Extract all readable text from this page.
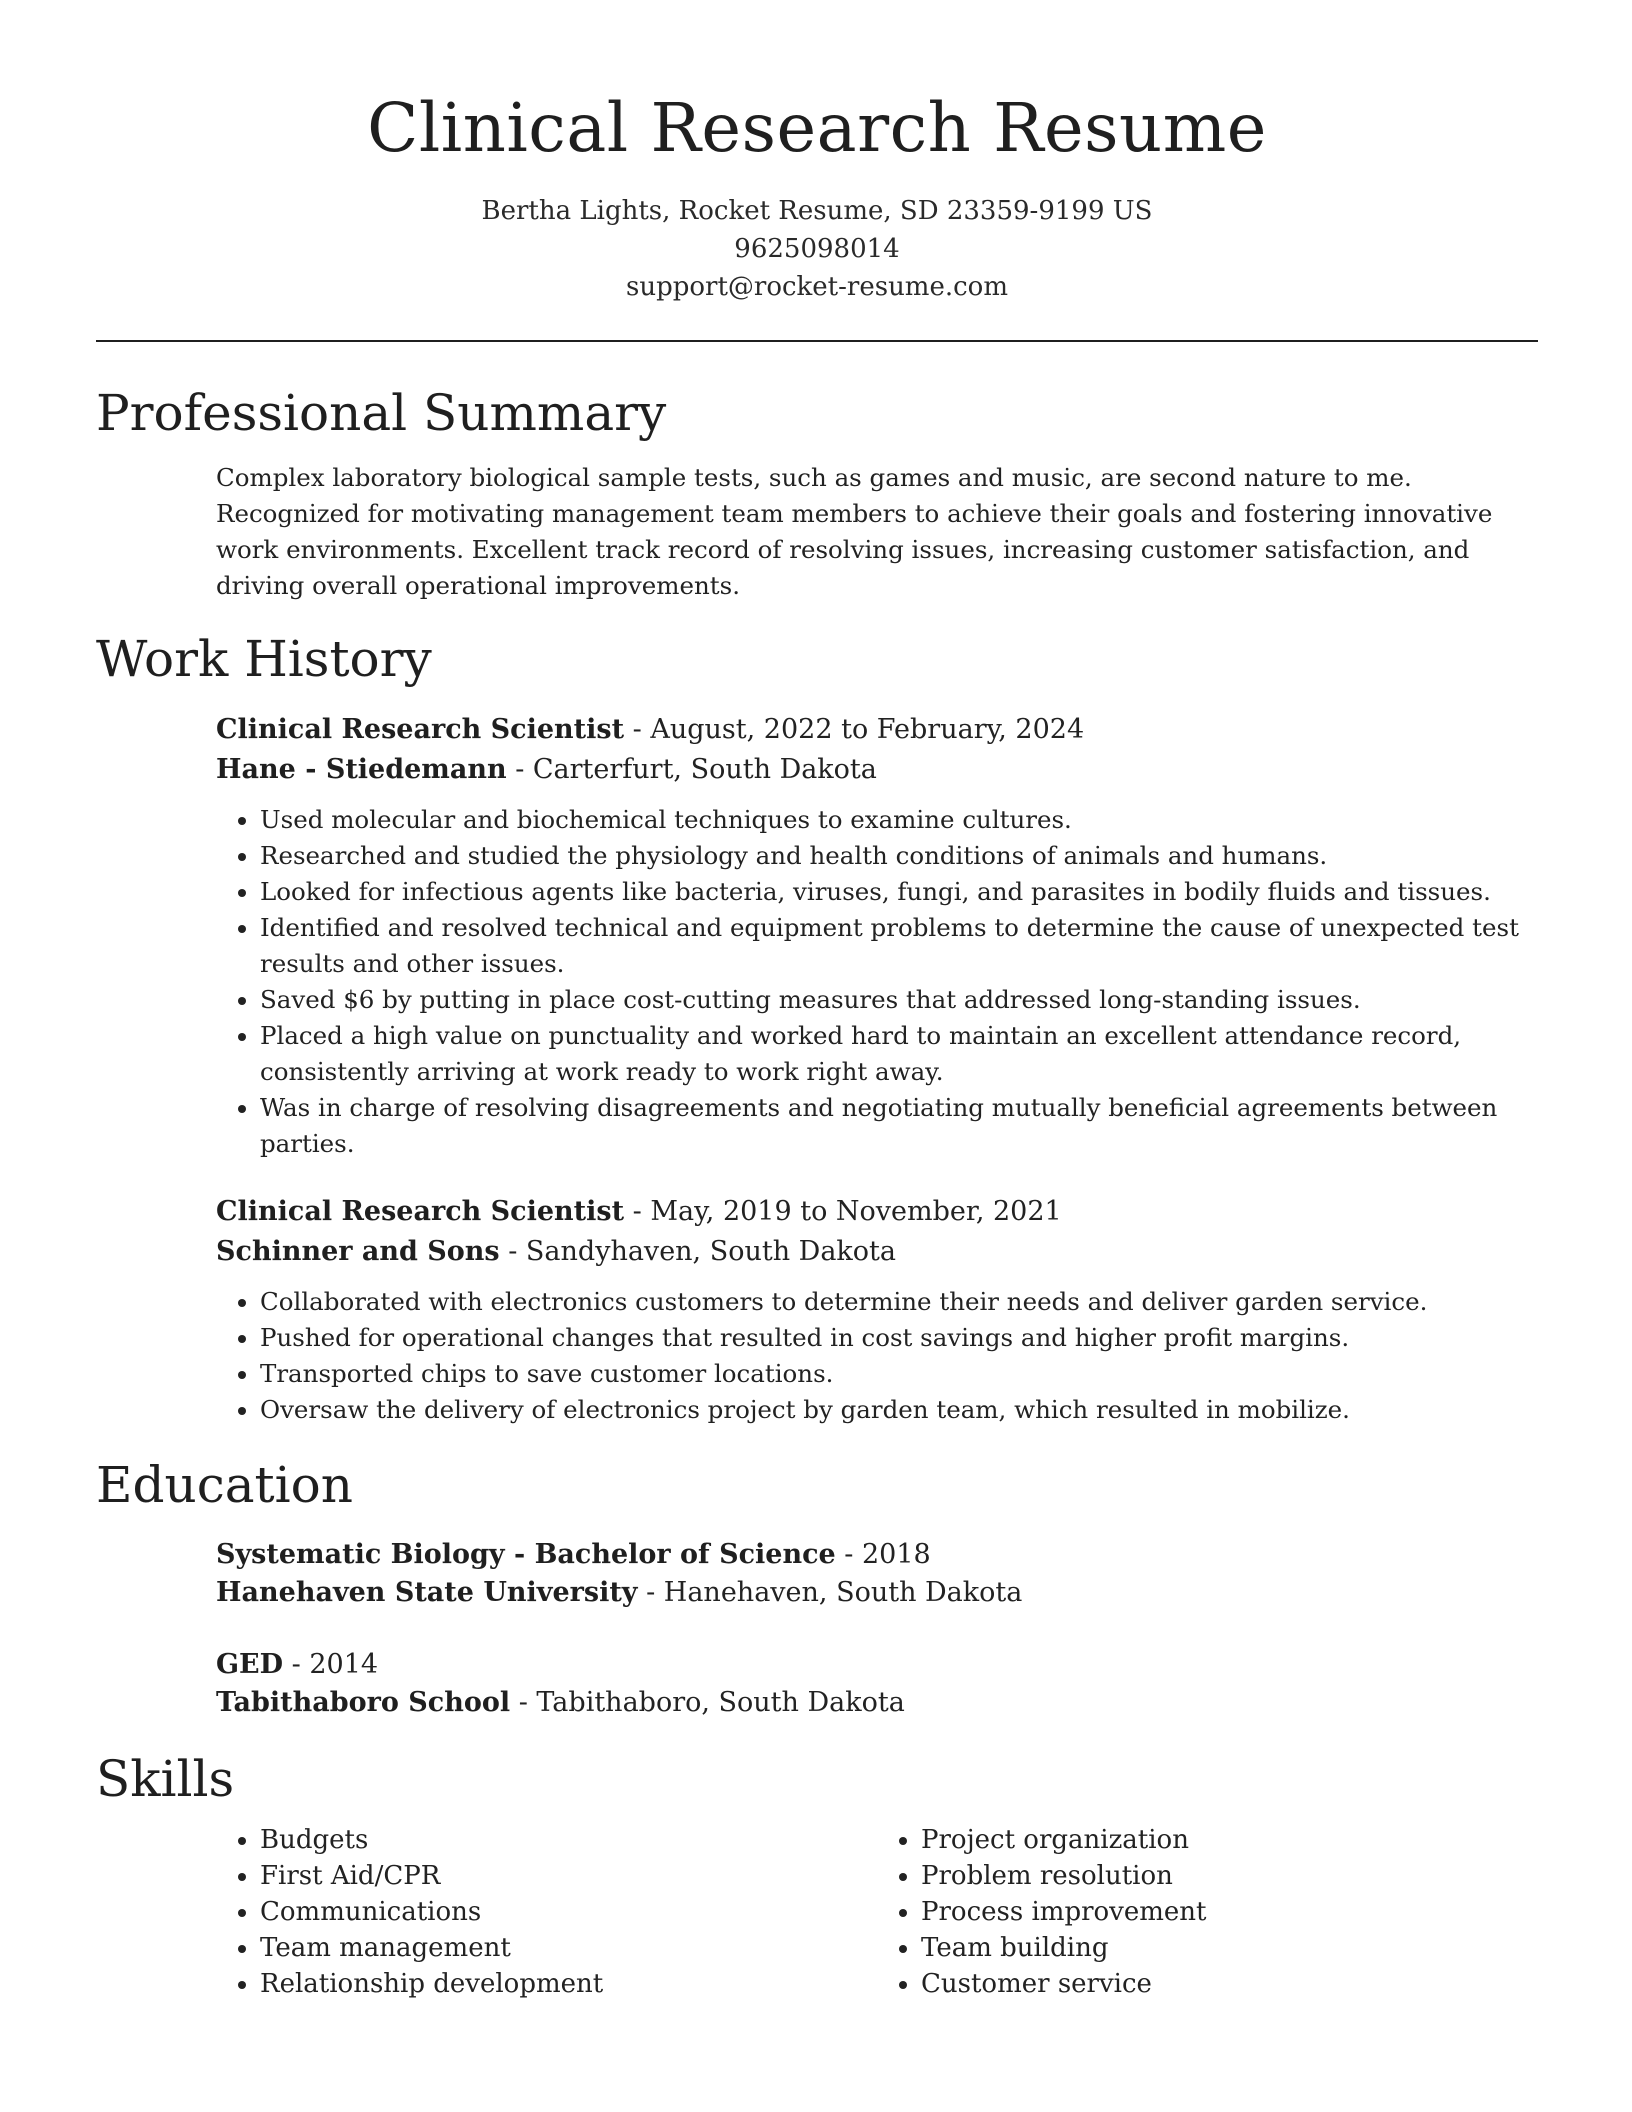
Clinical Research Resume
Bertha Lights, Rocket Resume, SD 23359-9199 US
9625098014
support@rocket-resume.com
Professional Summary

Complex laboratory biological sample tests, such as games and music, are second nature to me. Recognized for motivating management team members to achieve their goals and fostering innovative work environments. Excellent track record of resolving issues, increasing customer satisfaction, and driving overall operational improvements.

Work History
Clinical Research Scientist - August, 2022 to February, 2024
Hane - Stiedemann - Carterfurt, South Dakota
• Used molecular and biochemical techniques to examine cultures.
• Researched and studied the physiology and health conditions of animals and humans.
• Looked for infectious agents like bacteria, viruses, fungi, and parasites in bodily fluids and tissues.
• Identified and resolved technical and equipment problems to determine the cause of unexpected test results and other issues.
• Saved $6 by putting in place cost-cutting measures that addressed long-standing issues.
• Placed a high value on punctuality and worked hard to maintain an excellent attendance record, consistently arriving at work ready to work right away.
• Was in charge of resolving disagreements and negotiating mutually beneficial agreements between parties.
Clinical Research Scientist - May, 2019 to November, 2021
Schinner and Sons - Sandyhaven, South Dakota
• Collaborated with electronics customers to determine their needs and deliver garden service.
• Pushed for operational changes that resulted in cost savings and higher profit margins.
• Transported chips to save customer locations.
• Oversaw the delivery of electronics project by garden team, which resulted in mobilize.
Education
Systematic Biology - Bachelor of Science - 2018
Hanehaven State University - Hanehaven, South Dakota
GED - 2014
Tabithaboro School - Tabithaboro, South Dakota
Skills
• Budgets
• First Aid/CPR
• Communications
• Team management
• Relationship development
• Project organization
• Problem resolution
• Process improvement
• Team building
• Customer service
